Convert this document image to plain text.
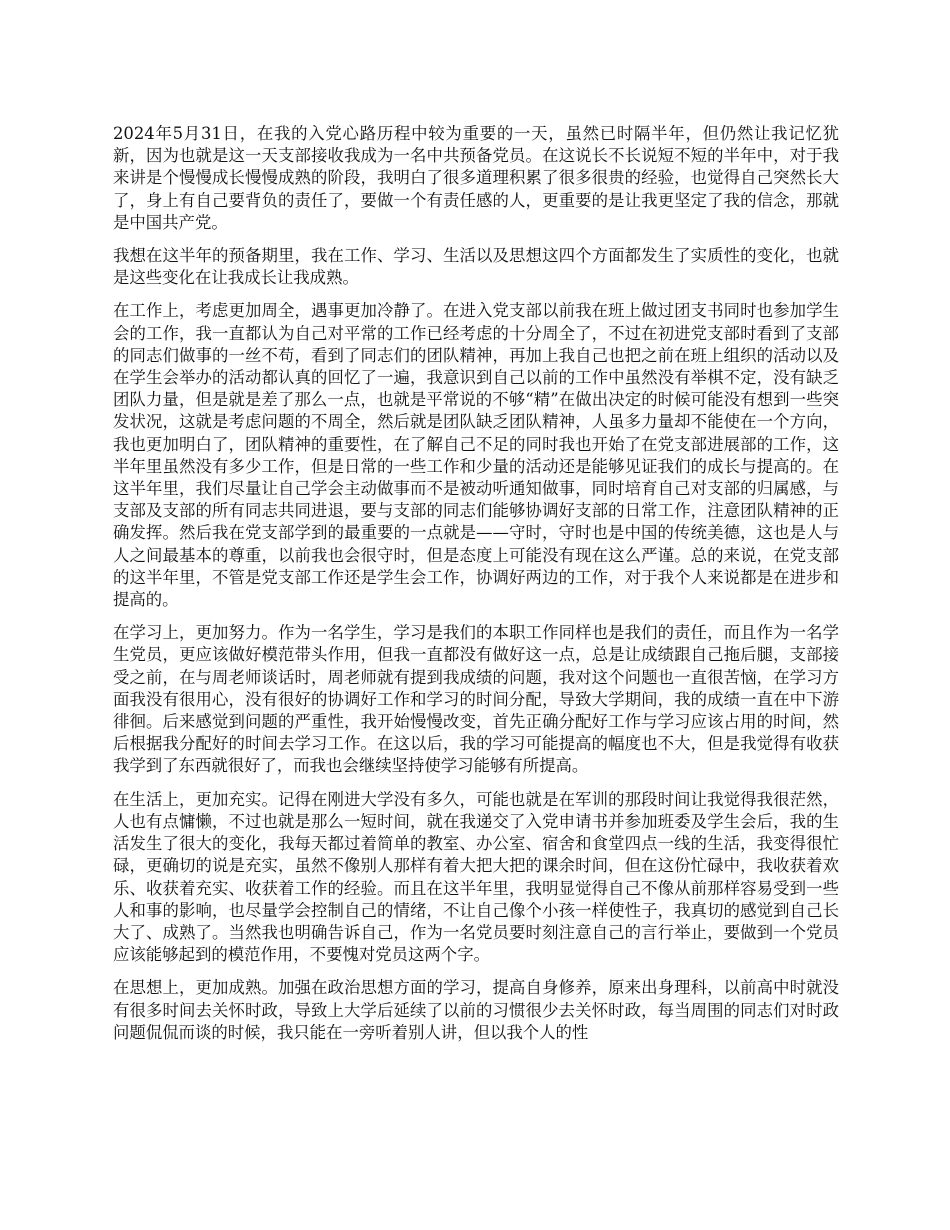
2024年5月31日，在我的入党心路历程中较为重要的一天，虽然已时隔半年，但仍然让我记忆犹新，因为也就是这一天支部接收我成为一名中共预备党员。在这说长不长说短不短的半年中，对于我来讲是个慢慢成长慢慢成熟的阶段，我明白了很多道理积累了很多很贵的经验，也觉得自己突然长大了，身上有自己要背负的责任了，要做一个有责任感的人，更重要的是让我更坚定了我的信念，那就是中国共产党。

我想在这半年的预备期里，我在工作、学习、生活以及思想这四个方面都发生了实质性的变化，也就是这些变化在让我成长让我成熟。

在工作上，考虑更加周全，遇事更加冷静了。在进入党支部以前我在班上做过团支书同时也参加学生会的工作，我一直都认为自己对平常的工作已经考虑的十分周全了，不过在初进党支部时看到了支部的同志们做事的一丝不苟，看到了同志们的团队精神，再加上我自己也把之前在班上组织的活动以及在学生会举办的活动都认真的回忆了一遍，我意识到自己以前的工作中虽然没有举棋不定，没有缺乏团队力量，但是就是差了那么一点，也就是平常说的不够“精”在做出决定的时候可能没有想到一些突发状况，这就是考虑问题的不周全，然后就是团队缺乏团队精神，人虽多力量却不能使在一个方向，我也更加明白了，团队精神的重要性，在了解自己不足的同时我也开始了在党支部进展部的工作，这半年里虽然没有多少工作，但是日常的一些工作和少量的活动还是能够见证我们的成长与提高的。在这半年里，我们尽量让自己学会主动做事而不是被动听通知做事，同时培育自己对支部的归属感，与支部及支部的所有同志共同进退，要与支部的同志们能够协调好支部的日常工作，注意团队精神的正确发挥。然后我在党支部学到的最重要的一点就是——守时，守时也是中国的传统美德，这也是人与人之间最基本的尊重，以前我也会很守时，但是态度上可能没有现在这么严谨。总的来说，在党支部的这半年里，不管是党支部工作还是学生会工作，协调好两边的工作，对于我个人来说都是在进步和提高的。

在学习上，更加努力。作为一名学生，学习是我们的本职工作同样也是我们的责任，而且作为一名学生党员，更应该做好模范带头作用，但我一直都没有做好这一点，总是让成绩跟自己拖后腿，支部接受之前，在与周老师谈话时，周老师就有提到我成绩的问题，我对这个问题也一直很苦恼，在学习方面我没有很用心，没有很好的协调好工作和学习的时间分配，导致大学期间，我的成绩一直在中下游徘徊。后来感觉到问题的严重性，我开始慢慢改变，首先正确分配好工作与学习应该占用的时间，然后根据我分配好的时间去学习工作。在这以后，我的学习可能提高的幅度也不大，但是我觉得有收获我学到了东西就很好了，而我也会继续坚持使学习能够有所提高。

在生活上，更加充实。记得在刚进大学没有多久，可能也就是在军训的那段时间让我觉得我很茫然，人也有点慵懒，不过也就是那么一短时间，就在我递交了入党申请书并参加班委及学生会后，我的生活发生了很大的变化，我每天都过着简单的教室、办公室、宿舍和食堂四点一线的生活，我变得很忙碌，更确切的说是充实，虽然不像别人那样有着大把大把的课余时间，但在这份忙碌中，我收获着欢乐、收获着充实、收获着工作的经验。而且在这半年里，我明显觉得自己不像从前那样容易受到一些人和事的影响，也尽量学会控制自己的情绪，不让自己像个小孩一样使性子，我真切的感觉到自己长大了、成熟了。当然我也明确告诉自己，作为一名党员要时刻注意自己的言行举止，要做到一个党员应该能够起到的模范作用，不要愧对党员这两个字。

在思想上，更加成熟。加强在政治思想方面的学习，提高自身修养，原来出身理科，以前高中时就没有很多时间去关怀时政，导致上大学后延续了以前的习惯很少去关怀时政，每当周围的同志们对时政问题侃侃而谈的时候，我只能在一旁听着别人讲，但以我个人的性
